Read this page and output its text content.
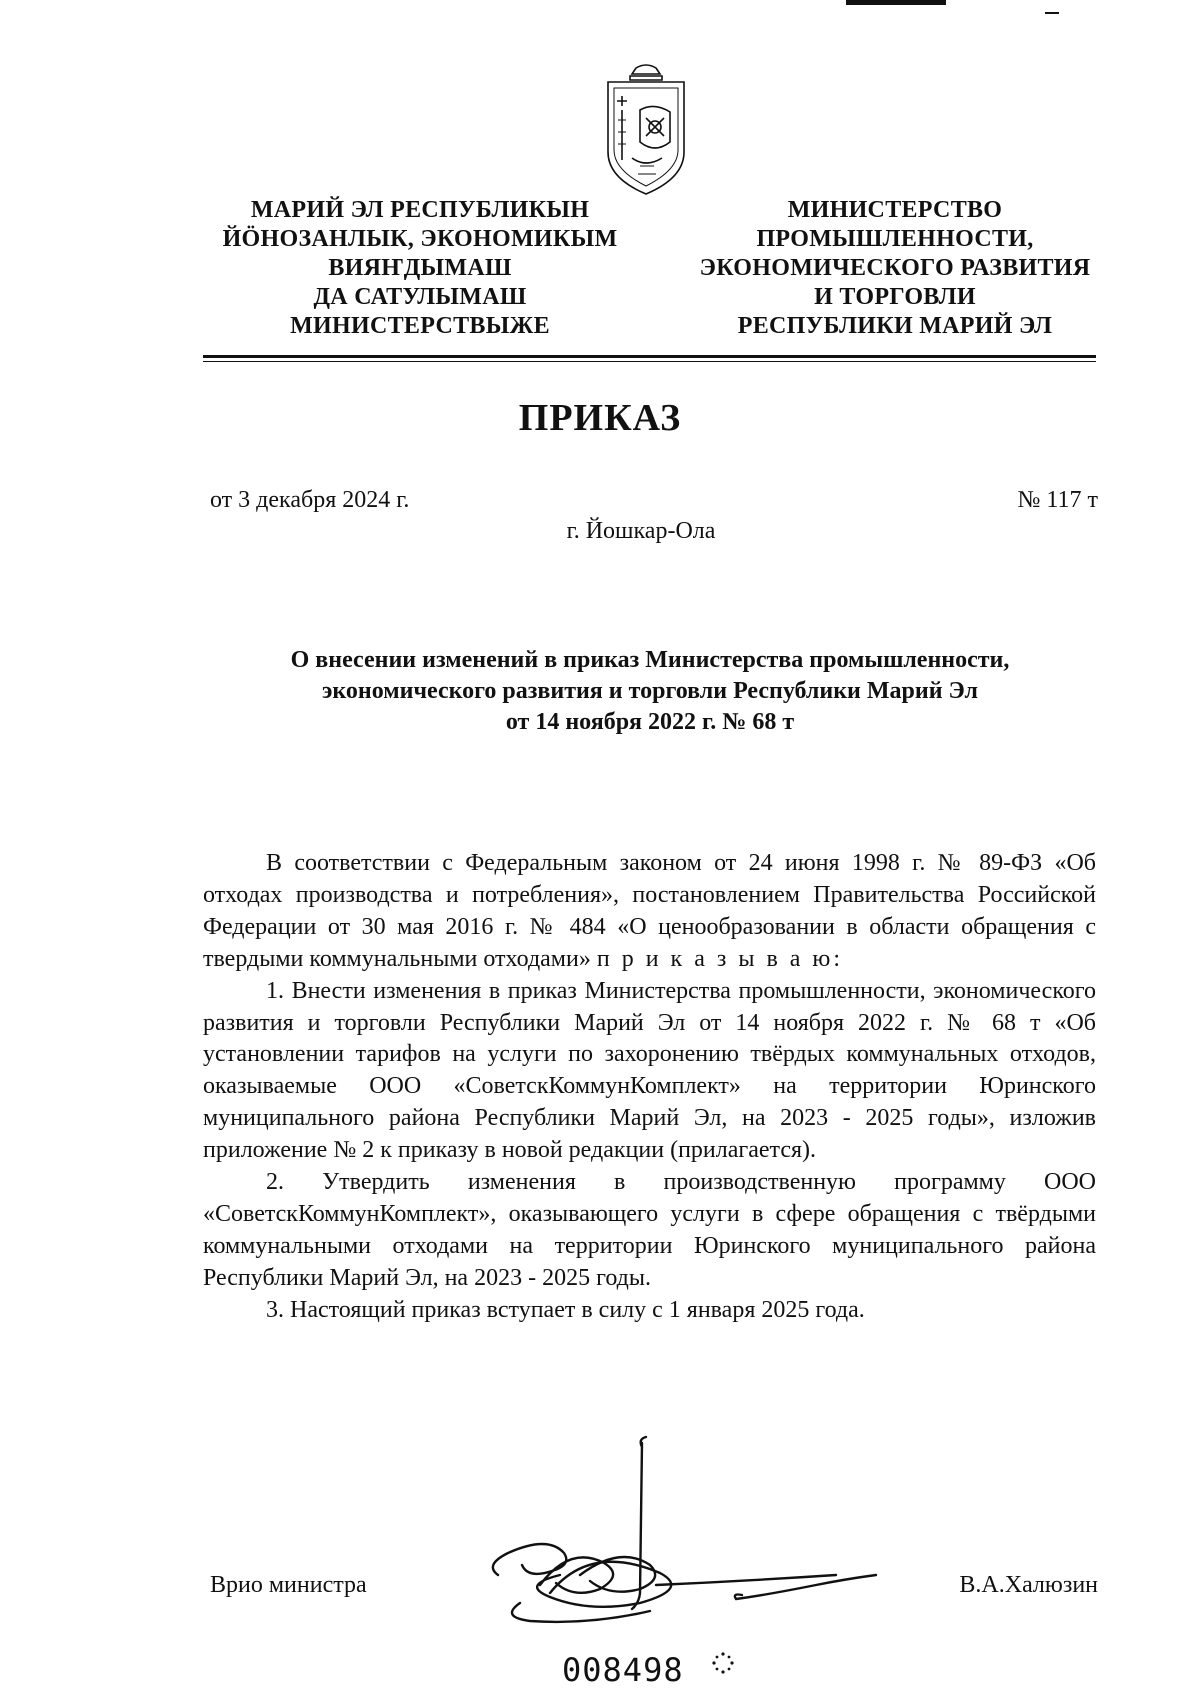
МАРИЙ ЭЛ РЕСПУБЛИКЫН
ЙӦНОЗАНЛЫК, ЭКОНОМИКЫМ
ВИЯҤДЫМАШ
ДА САТУЛЫМАШ
МИНИСТЕРСТВЫЖЕ
МИНИСТЕРСТВО
ПРОМЫШЛЕННОСТИ,
ЭКОНОМИЧЕСКОГО РАЗВИТИЯ
И ТОРГОВЛИ
РЕСПУБЛИКИ МАРИЙ ЭЛ
ПРИКАЗ
от 3 декабря 2024 г.	№ 117 т
г. Йошкар-Ола
О внесении изменений в приказ Министерства промышленности,
экономического развития и торговли Республики Марий Эл
от 14 ноября 2022 г. № 68 т

В соответствии с Федеральным законом от 24 июня 1998 г. № 89-ФЗ «Об отходах производства и потребления», постановлением Правительства Российской Федерации от 30 мая 2016 г. № 484 «О ценообразовании в области обращения с твердыми коммунальными отходами» п р и к а з ы в а ю:

1. Внести изменения в приказ Министерства промышленности, экономического развития и торговли Республики Марий Эл от 14 ноября 2022 г. № 68 т «Об установлении тарифов на услуги по захоронению твёрдых коммунальных отходов, оказываемые ООО «СоветскКоммунКомплект» на территории Юринского муниципального района Республики Марий Эл, на 2023 - 2025 годы», изложив приложение № 2 к приказу в новой редакции (прилагается).

2. Утвердить изменения в производственную программу ООО «СоветскКоммунКомплект», оказывающего услуги в сфере обращения с твёрдыми коммунальными отходами на территории Юринского муниципального района Республики Марий Эл, на 2023 - 2025 годы.

3. Настоящий приказ вступает в силу с 1 января 2025 года.

Врио министра	В.А.Халюзин
008498
